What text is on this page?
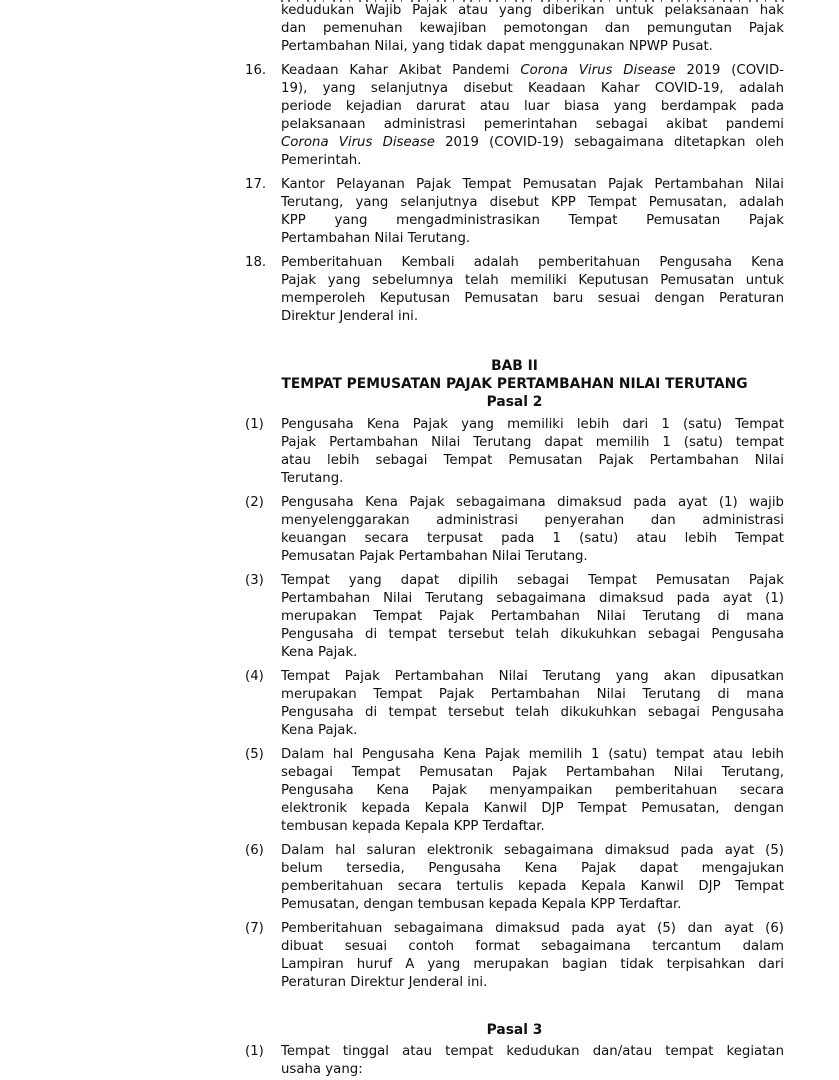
kedudukan Wajib Pajak atau yang diberikan untuk pelaksanaan hak
dan pemenuhan kewajiban pemotongan dan pemungutan Pajak
Pertambahan Nilai, yang tidak dapat menggunakan NPWP Pusat.
16.	Keadaan Kahar Akibat Pandemi Corona Virus Disease 2019 (COVID-
19), yang selanjutnya disebut Keadaan Kahar COVID-19, adalah
periode kejadian darurat atau luar biasa yang berdampak pada
pelaksanaan administrasi pemerintahan sebagai akibat pandemi
Corona Virus Disease 2019 (COVID-19) sebagaimana ditetapkan oleh
Pemerintah.
17.	Kantor Pelayanan Pajak Tempat Pemusatan Pajak Pertambahan Nilai
Terutang, yang selanjutnya disebut KPP Tempat Pemusatan, adalah
KPP yang mengadministrasikan Tempat Pemusatan Pajak
Pertambahan Nilai Terutang.
18.	Pemberitahuan Kembali adalah pemberitahuan Pengusaha Kena
Pajak yang sebelumnya telah memiliki Keputusan Pemusatan untuk
memperoleh Keputusan Pemusatan baru sesuai dengan Peraturan
Direktur Jenderal ini.
BAB II
TEMPAT PEMUSATAN PAJAK PERTAMBAHAN NILAI TERUTANG
Pasal 2
(1)	Pengusaha Kena Pajak yang memiliki lebih dari 1 (satu) Tempat
Pajak Pertambahan Nilai Terutang dapat memilih 1 (satu) tempat
atau lebih sebagai Tempat Pemusatan Pajak Pertambahan Nilai
Terutang.
(2)	Pengusaha Kena Pajak sebagaimana dimaksud pada ayat (1) wajib
menyelenggarakan administrasi penyerahan dan administrasi
keuangan secara terpusat pada 1 (satu) atau lebih Tempat
Pemusatan Pajak Pertambahan Nilai Terutang.
(3)	Tempat yang dapat dipilih sebagai Tempat Pemusatan Pajak
Pertambahan Nilai Terutang sebagaimana dimaksud pada ayat (1)
merupakan Tempat Pajak Pertambahan Nilai Terutang di mana
Pengusaha di tempat tersebut telah dikukuhkan sebagai Pengusaha
Kena Pajak.
(4)	Tempat Pajak Pertambahan Nilai Terutang yang akan dipusatkan
merupakan Tempat Pajak Pertambahan Nilai Terutang di mana
Pengusaha di tempat tersebut telah dikukuhkan sebagai Pengusaha
Kena Pajak.
(5)	Dalam hal Pengusaha Kena Pajak memilih 1 (satu) tempat atau lebih
sebagai Tempat Pemusatan Pajak Pertambahan Nilai Terutang,
Pengusaha Kena Pajak menyampaikan pemberitahuan secara
elektronik kepada Kepala Kanwil DJP Tempat Pemusatan, dengan
tembusan kepada Kepala KPP Terdaftar.
(6)	Dalam hal saluran elektronik sebagaimana dimaksud pada ayat (5)
belum tersedia, Pengusaha Kena Pajak dapat mengajukan
pemberitahuan secara tertulis kepada Kepala Kanwil DJP Tempat
Pemusatan, dengan tembusan kepada Kepala KPP Terdaftar.
(7)	Pemberitahuan sebagaimana dimaksud pada ayat (5) dan ayat (6)
dibuat sesuai contoh format sebagaimana tercantum dalam
Lampiran huruf A yang merupakan bagian tidak terpisahkan dari
Peraturan Direktur Jenderal ini.
Pasal 3
(1)	Tempat tinggal atau tempat kedudukan dan/atau tempat kegiatan
usaha yang:
